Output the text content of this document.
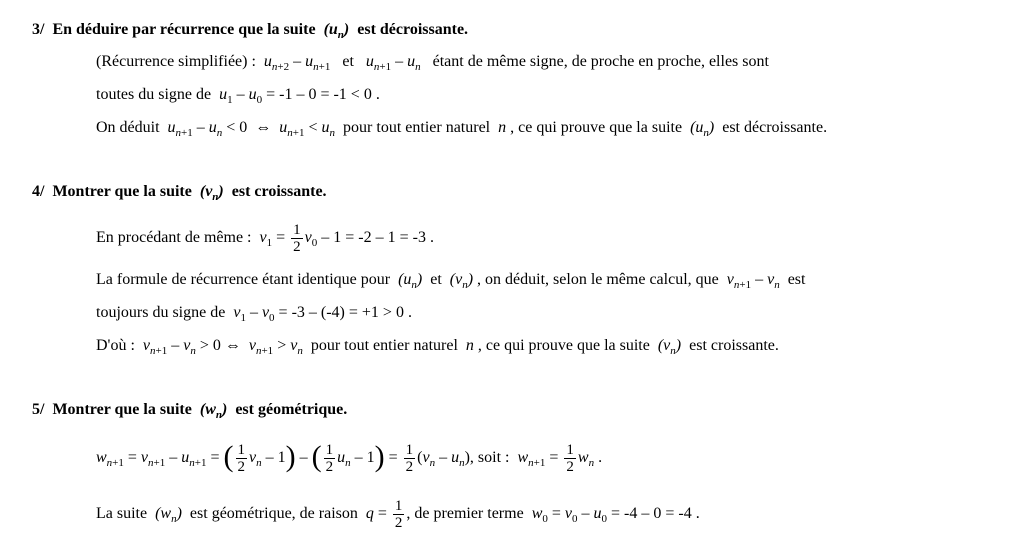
3/ En déduire par récurrence que la suite $(u_n)$ est décroissante.
(Récurrence simplifiée) : $u_{n+2} - u_{n+1}$ et $u_{n+1} - u_n$ étant de même signe, de proche en proche, elles sont
toutes du signe de $u_1 - u_0 = -1 - 0 = -1 < 0$ .
On déduit $u_{n+1} - u_n < 0$  ⇔  $u_{n+1} < u_n$ pour tout entier naturel n , ce qui prouve que la suite $(u_n)$ est décroissante.
4/ Montrer que la suite $(v_n)$ est croissante.
En procédant de même : $v_1 = \frac{1}{2} v_0 - 1 = -2 - 1 = -3$ .
La formule de récurrence étant identique pour $(u_n)$ et $(v_n)$ , on déduit, selon le même calcul, que $v_{n+1} - v_n$ est
toujours du signe de $v_1 - v_0 = -3 - (-4) = +1 > 0$ .
D'où : $v_{n+1} - v_n > 0$ ⇔  $v_{n+1} > v_n$ pour tout entier naturel n , ce qui prouve que la suite $(v_n)$ est croissante.
5/ Montrer que la suite $(w_n)$ est géométrique.
$w_{n+1} = v_{n+1} - u_{n+1}$ = ( $\frac{1}{2} v_n - 1$) – ( $\frac{1}{2} u_n - 1) = \frac{1}{2} (v_n - u_n)$, soit : $w_{n+1} = \frac{1}{2} w_n$ .
La suite $(w_n)$ est géométrique, de raison $q = \frac{1}{2}$ , de premier terme $w_0 = v_0 - u_0 = -4 - 0 = -4$ .
